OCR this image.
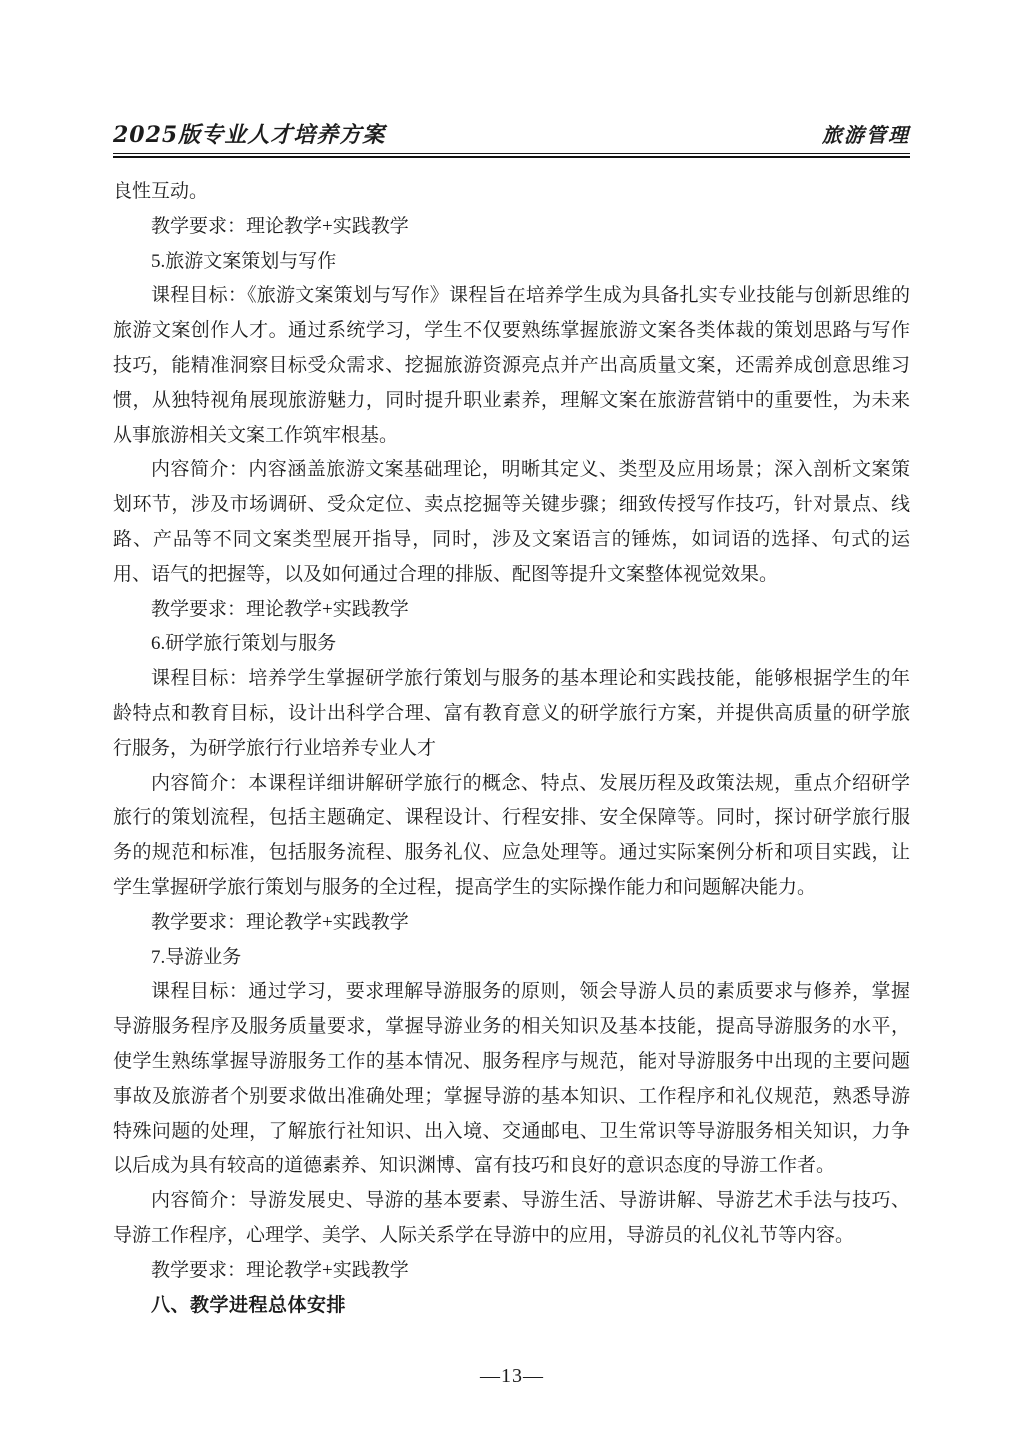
2025版专业人才培养方案	旅游管理

良性互动。

教学要求：理论教学+实践教学

5.旅游文案策划与写作

课程目标：《旅游文案策划与写作》课程旨在培养学生成为具备扎实专业技能与创新思维的旅游文案创作人才。通过系统学习，学生不仅要熟练掌握旅游文案各类体裁的策划思路与写作技巧，能精准洞察目标受众需求、挖掘旅游资源亮点并产出高质量文案，还需养成创意思维习惯，从独特视角展现旅游魅力，同时提升职业素养，理解文案在旅游营销中的重要性，为未来从事旅游相关文案工作筑牢根基。

内容简介：内容涵盖旅游文案基础理论，明晰其定义、类型及应用场景；深入剖析文案策划环节，涉及市场调研、受众定位、卖点挖掘等关键步骤；细致传授写作技巧，针对景点、线路、产品等不同文案类型展开指导，同时，涉及文案语言的锤炼，如词语的选择、句式的运用、语气的把握等，以及如何通过合理的排版、配图等提升文案整体视觉效果。

教学要求：理论教学+实践教学

6.研学旅行策划与服务

课程目标：培养学生掌握研学旅行策划与服务的基本理论和实践技能，能够根据学生的年龄特点和教育目标，设计出科学合理、富有教育意义的研学旅行方案，并提供高质量的研学旅行服务，为研学旅行行业培养专业人才

内容简介：本课程详细讲解研学旅行的概念、特点、发展历程及政策法规，重点介绍研学旅行的策划流程，包括主题确定、课程设计、行程安排、安全保障等。同时，探讨研学旅行服务的规范和标准，包括服务流程、服务礼仪、应急处理等。通过实际案例分析和项目实践，让学生掌握研学旅行策划与服务的全过程，提高学生的实际操作能力和问题解决能力。

教学要求：理论教学+实践教学

7.导游业务

课程目标：通过学习，要求理解导游服务的原则，领会导游人员的素质要求与修养，掌握导游服务程序及服务质量要求，掌握导游业务的相关知识及基本技能，提高导游服务的水平，使学生熟练掌握导游服务工作的基本情况、服务程序与规范，能对导游服务中出现的主要问题事故及旅游者个别要求做出准确处理；掌握导游的基本知识、工作程序和礼仪规范，熟悉导游特殊问题的处理，了解旅行社知识、出入境、交通邮电、卫生常识等导游服务相关知识，力争以后成为具有较高的道德素养、知识渊博、富有技巧和良好的意识态度的导游工作者。

内容简介：导游发展史、导游的基本要素、导游生活、导游讲解、导游艺术手法与技巧、导游工作程序，心理学、美学、人际关系学在导游中的应用，导游员的礼仪礼节等内容。

教学要求：理论教学+实践教学

八、教学进程总体安排

—13—
